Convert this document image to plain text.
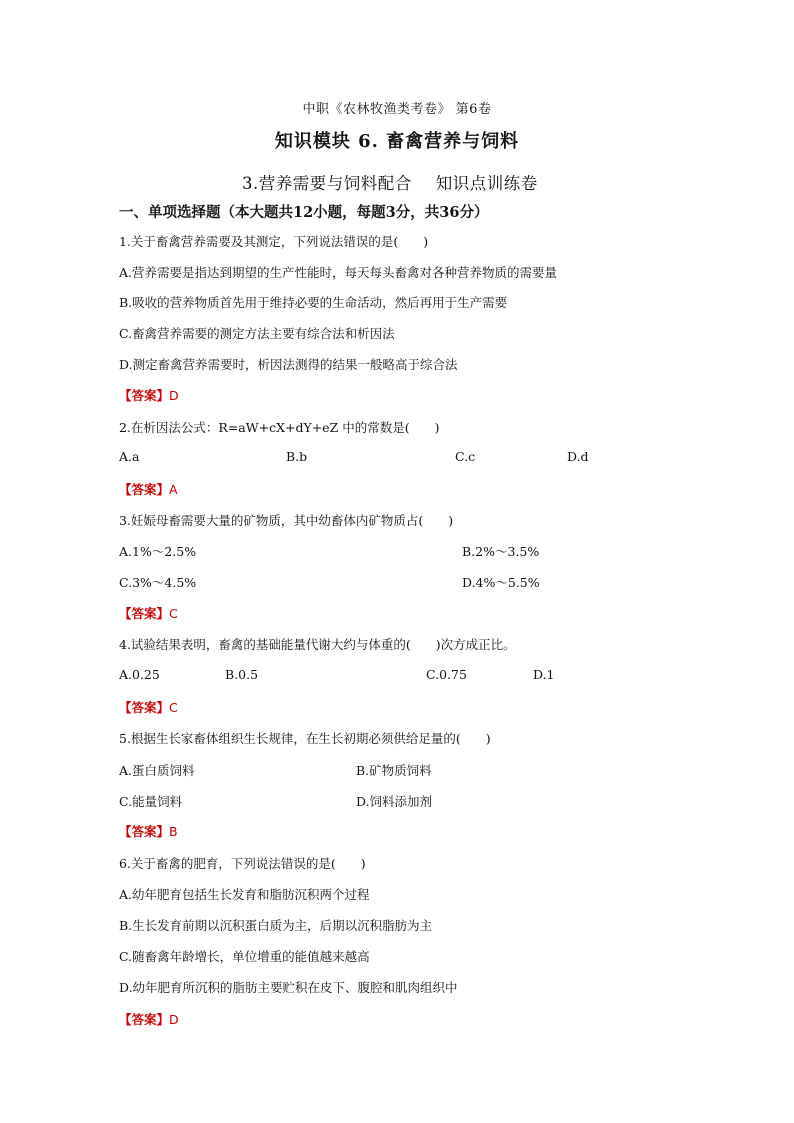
中职《农林牧渔类考卷》 第6卷
知识模块 6. 畜禽营养与饲料
3.营养需要与饲料配合 知识点训练卷
一、单项选择题（本大题共12小题，每题3分，共36分）
1.关于畜禽营养需要及其测定，下列说法错误的是(　　)
A.营养需要是指达到期望的生产性能时，每天每头畜禽对各种营养物质的需要量
B.吸收的营养物质首先用于维持必要的生命活动，然后再用于生产需要
C.畜禽营养需要的测定方法主要有综合法和析因法
D.测定畜禽营养需要时，析因法测得的结果一般略高于综合法
【答案】D
2.在析因法公式：R=aW+cX+dY+eZ 中的常数是(　　)
A.a	B.b	C.c	D.d
【答案】A
3.妊娠母畜需要大量的矿物质，其中幼畜体内矿物质占(　　)
A.1%～2.5%	B.2%～3.5%
C.3%～4.5%	D.4%～5.5%
【答案】C
4.试验结果表明，畜禽的基础能量代谢大约与体重的(　　)次方成正比。
A.0.25	B.0.5	C.0.75	D.1
【答案】C
5.根据生长家畜体组织生长规律，在生长初期必须供给足量的(　　)
A.蛋白质饲料	B.矿物质饲料
C.能量饲料	D.饲料添加剂
【答案】B
6.关于畜禽的肥育，下列说法错误的是(　　)
A.幼年肥育包括生长发育和脂肪沉积两个过程
B.生长发育前期以沉积蛋白质为主，后期以沉积脂肪为主
C.随畜禽年龄增长，单位增重的能值越来越高
D.幼年肥育所沉积的脂肪主要贮积在皮下、腹腔和肌肉组织中
【答案】D
